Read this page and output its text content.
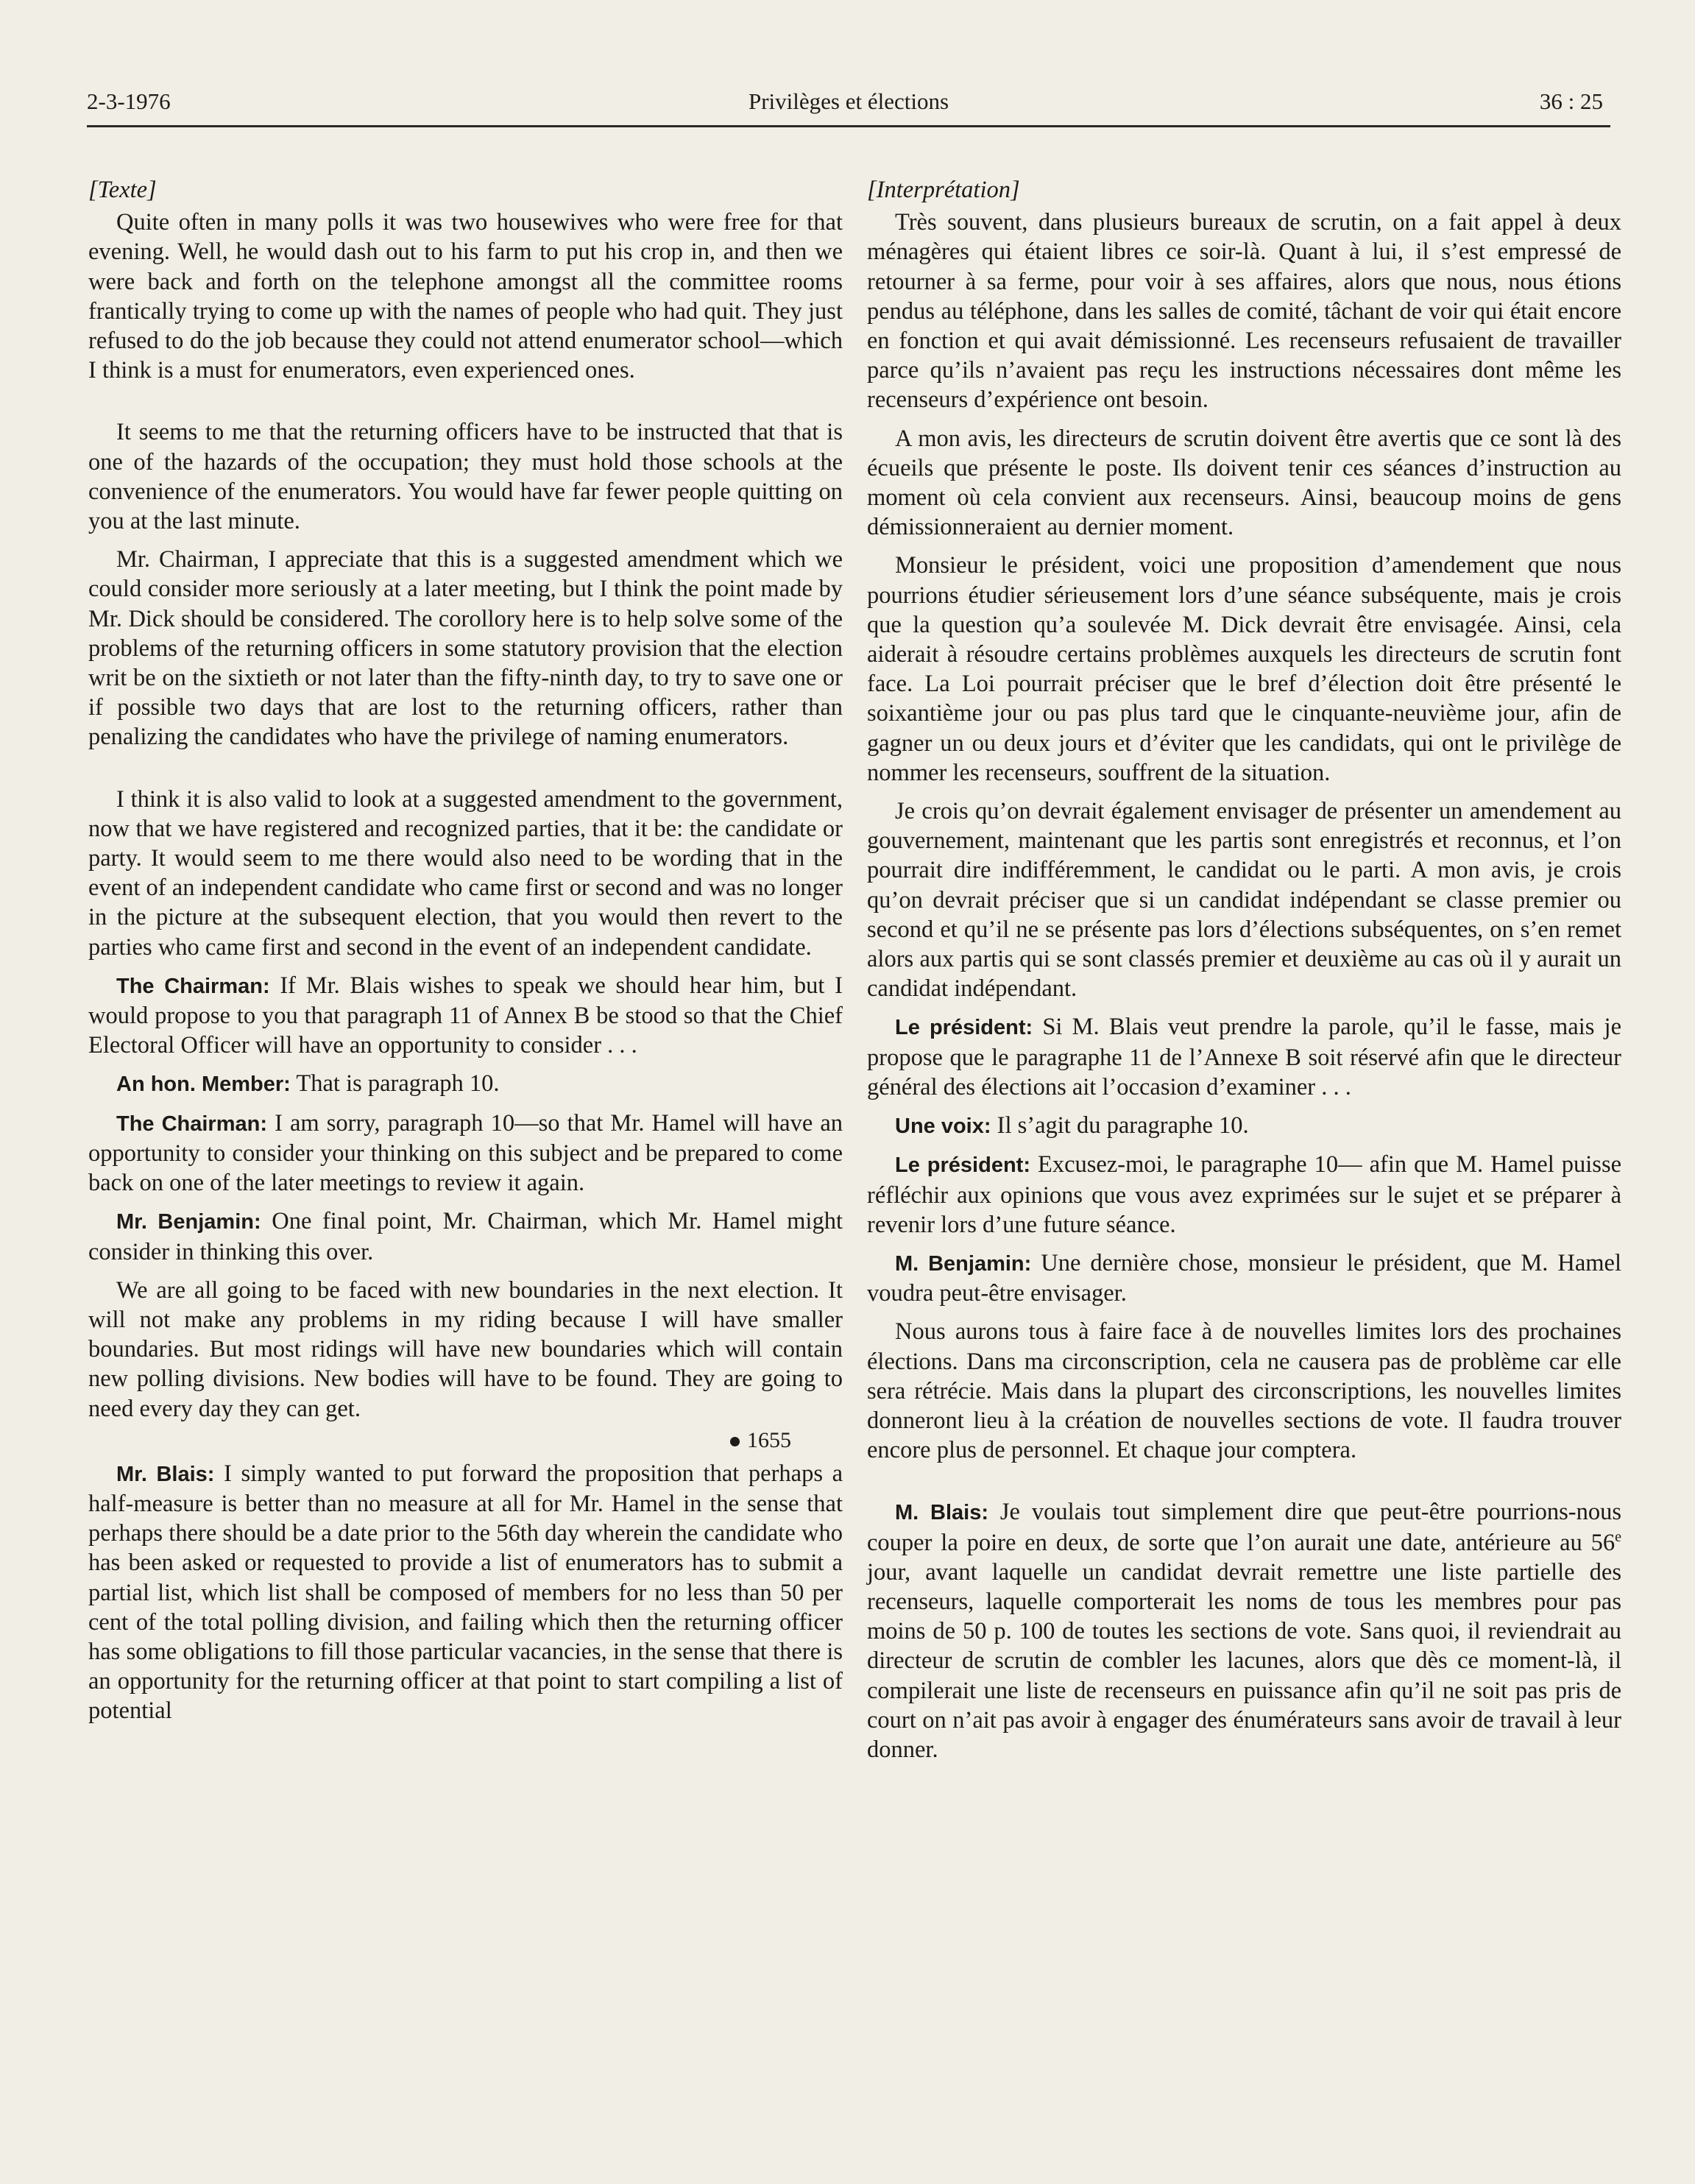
2-3-1976	Privilèges et élections	36 : 25

[Texte]

Quite often in many polls it was two housewives who were free for that evening. Well, he would dash out to his farm to put his crop in, and then we were back and forth on the telephone amongst all the committee rooms frantically trying to come up with the names of people who had quit. They just refused to do the job because they could not attend enumerator school—which I think is a must for enumerators, even experienced ones.

It seems to me that the returning officers have to be instructed that that is one of the hazards of the occupation; they must hold those schools at the convenience of the enumerators. You would have far fewer people quitting on you at the last minute.

Mr. Chairman, I appreciate that this is a suggested amendment which we could consider more seriously at a later meeting, but I think the point made by Mr. Dick should be considered. The corollory here is to help solve some of the problems of the returning officers in some statutory provision that the election writ be on the sixtieth or not later than the fifty-ninth day, to try to save one or if possible two days that are lost to the returning officers, rather than penalizing the candidates who have the privilege of naming enumerators.

I think it is also valid to look at a suggested amendment to the government, now that we have registered and recognized parties, that it be: the candidate or party. It would seem to me there would also need to be wording that in the event of an independent candidate who came first or second and was no longer in the picture at the subsequent election, that you would then revert to the parties who came first and second in the event of an independent candidate.

The Chairman: If Mr. Blais wishes to speak we should hear him, but I would propose to you that paragraph 11 of Annex B be stood so that the Chief Electoral Officer will have an opportunity to consider . . .

An hon. Member: That is paragraph 10.

The Chairman: I am sorry, paragraph 10—so that Mr. Hamel will have an opportunity to consider your thinking on this subject and be prepared to come back on one of the later meetings to review it again.

Mr. Benjamin: One final point, Mr. Chairman, which Mr. Hamel might consider in thinking this over.

We are all going to be faced with new boundaries in the next election. It will not make any problems in my riding because I will have smaller boundaries. But most ridings will have new boundaries which will contain new polling divisions. New bodies will have to be found. They are going to need every day they can get.

1655

Mr. Blais: I simply wanted to put forward the proposition that perhaps a half-measure is better than no measure at all for Mr. Hamel in the sense that perhaps there should be a date prior to the 56th day wherein the candidate who has been asked or requested to provide a list of enumerators has to submit a partial list, which list shall be composed of members for no less than 50 per cent of the total polling division, and failing which then the returning officer has some obligations to fill those particular vacancies, in the sense that there is an opportunity for the returning officer at that point to start compiling a list of potential

[Interprétation]

Très souvent, dans plusieurs bureaux de scrutin, on a fait appel à deux ménagères qui étaient libres ce soir-là. Quant à lui, il s’est empressé de retourner à sa ferme, pour voir à ses affaires, alors que nous, nous étions pendus au téléphone, dans les salles de comité, tâchant de voir qui était encore en fonction et qui avait démissionné. Les recenseurs refusaient de travailler parce qu’ils n’avaient pas reçu les instructions nécessaires dont même les recenseurs d’expérience ont besoin.

A mon avis, les directeurs de scrutin doivent être avertis que ce sont là des écueils que présente le poste. Ils doivent tenir ces séances d’instruction au moment où cela convient aux recenseurs. Ainsi, beaucoup moins de gens démissionneraient au dernier moment.

Monsieur le président, voici une proposition d’amendement que nous pourrions étudier sérieusement lors d’une séance subséquente, mais je crois que la question qu’a soulevée M. Dick devrait être envisagée. Ainsi, cela aiderait à résoudre certains problèmes auxquels les directeurs de scrutin font face. La Loi pourrait préciser que le bref d’élection doit être présenté le soixantième jour ou pas plus tard que le cinquante-neuvième jour, afin de gagner un ou deux jours et d’éviter que les candidats, qui ont le privilège de nommer les recenseurs, souffrent de la situation.

Je crois qu’on devrait également envisager de présenter un amendement au gouvernement, maintenant que les partis sont enregistrés et reconnus, et l’on pourrait dire indifféremment, le candidat ou le parti. A mon avis, je crois qu’on devrait préciser que si un candidat indépendant se classe premier ou second et qu’il ne se présente pas lors d’élections subséquentes, on s’en remet alors aux partis qui se sont classés premier et deuxième au cas où il y aurait un candidat indépendant.

Le président: Si M. Blais veut prendre la parole, qu’il le fasse, mais je propose que le paragraphe 11 de l’Annexe B soit réservé afin que le directeur général des élections ait l’occasion d’examiner . . .

Une voix: Il s’agit du paragraphe 10.

Le président: Excusez-moi, le paragraphe 10— afin que M. Hamel puisse réfléchir aux opinions que vous avez exprimées sur le sujet et se préparer à revenir lors d’une future séance.

M. Benjamin: Une dernière chose, monsieur le président, que M. Hamel voudra peut-être envisager.

Nous aurons tous à faire face à de nouvelles limites lors des prochaines élections. Dans ma circonscription, cela ne causera pas de problème car elle sera rétrécie. Mais dans la plupart des circonscriptions, les nouvelles limites donneront lieu à la création de nouvelles sections de vote. Il faudra trouver encore plus de personnel. Et chaque jour comptera.

M. Blais: Je voulais tout simplement dire que peut-être pourrions-nous couper la poire en deux, de sorte que l’on aurait une date, antérieure au 56e jour, avant laquelle un candidat devrait remettre une liste partielle des recenseurs, laquelle comporterait les noms de tous les membres pour pas moins de 50 p. 100 de toutes les sections de vote. Sans quoi, il reviendrait au directeur de scrutin de combler les lacunes, alors que dès ce moment-là, il compilerait une liste de recenseurs en puissance afin qu’il ne soit pas pris de court on n’ait pas avoir à engager des énumérateurs sans avoir de travail à leur donner.
